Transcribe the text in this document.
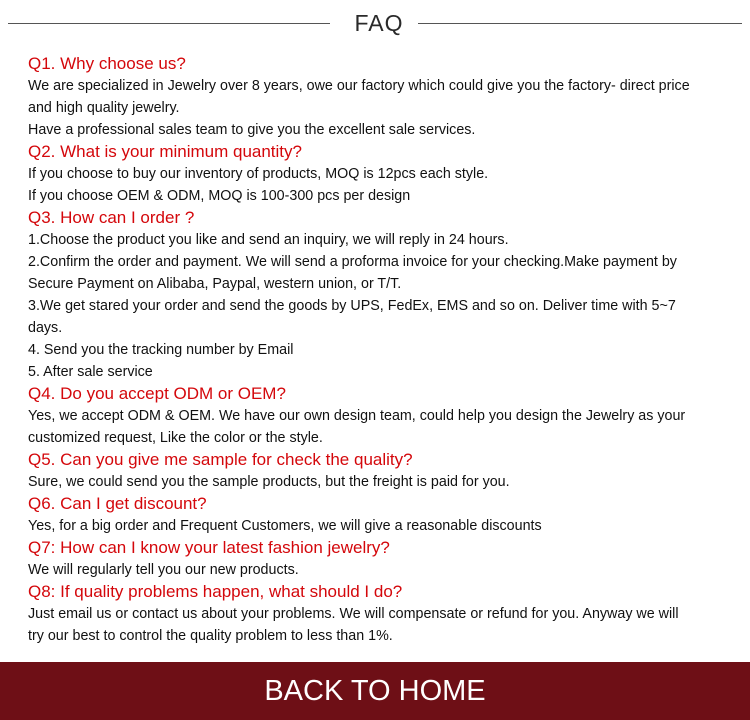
FAQ
Q1. Why choose us?
We are specialized in Jewelry over 8 years, owe our factory which could give you the factory- direct price
and high quality jewelry.
Have a professional sales team to give you the excellent sale services.
Q2. What is your minimum quantity?
If you choose to buy our inventory of products, MOQ is 12pcs each style.
If you choose OEM & ODM, MOQ is 100-300 pcs per design
Q3. How can I order ?
1.Choose the product you like and send an inquiry, we will reply in 24 hours.
2.Confirm the order and payment. We will send a proforma invoice for your checking.Make payment by
Secure Payment on Alibaba, Paypal, western union, or T/T.
3.We get stared your order and send the goods by UPS, FedEx, EMS and so on. Deliver time with 5~7
days.
4. Send you the tracking number by Email
5. After sale service
Q4. Do you accept ODM or OEM?
Yes, we accept ODM & OEM. We have our own design team, could help you design the Jewelry as your
customized request, Like the color or the style.
Q5. Can you give me sample for check the quality?
Sure, we could send you the sample products, but the freight is paid for you.
Q6. Can I get discount?
Yes, for a big order and Frequent Customers, we will give a reasonable discounts
Q7: How can I know your latest fashion jewelry?
We will regularly tell you our new products.
Q8: If quality problems happen, what should I do?
Just email us or contact us about your problems. We will compensate or refund for you. Anyway we will
try our best to control the quality problem to less than 1%.
BACK TO HOME
